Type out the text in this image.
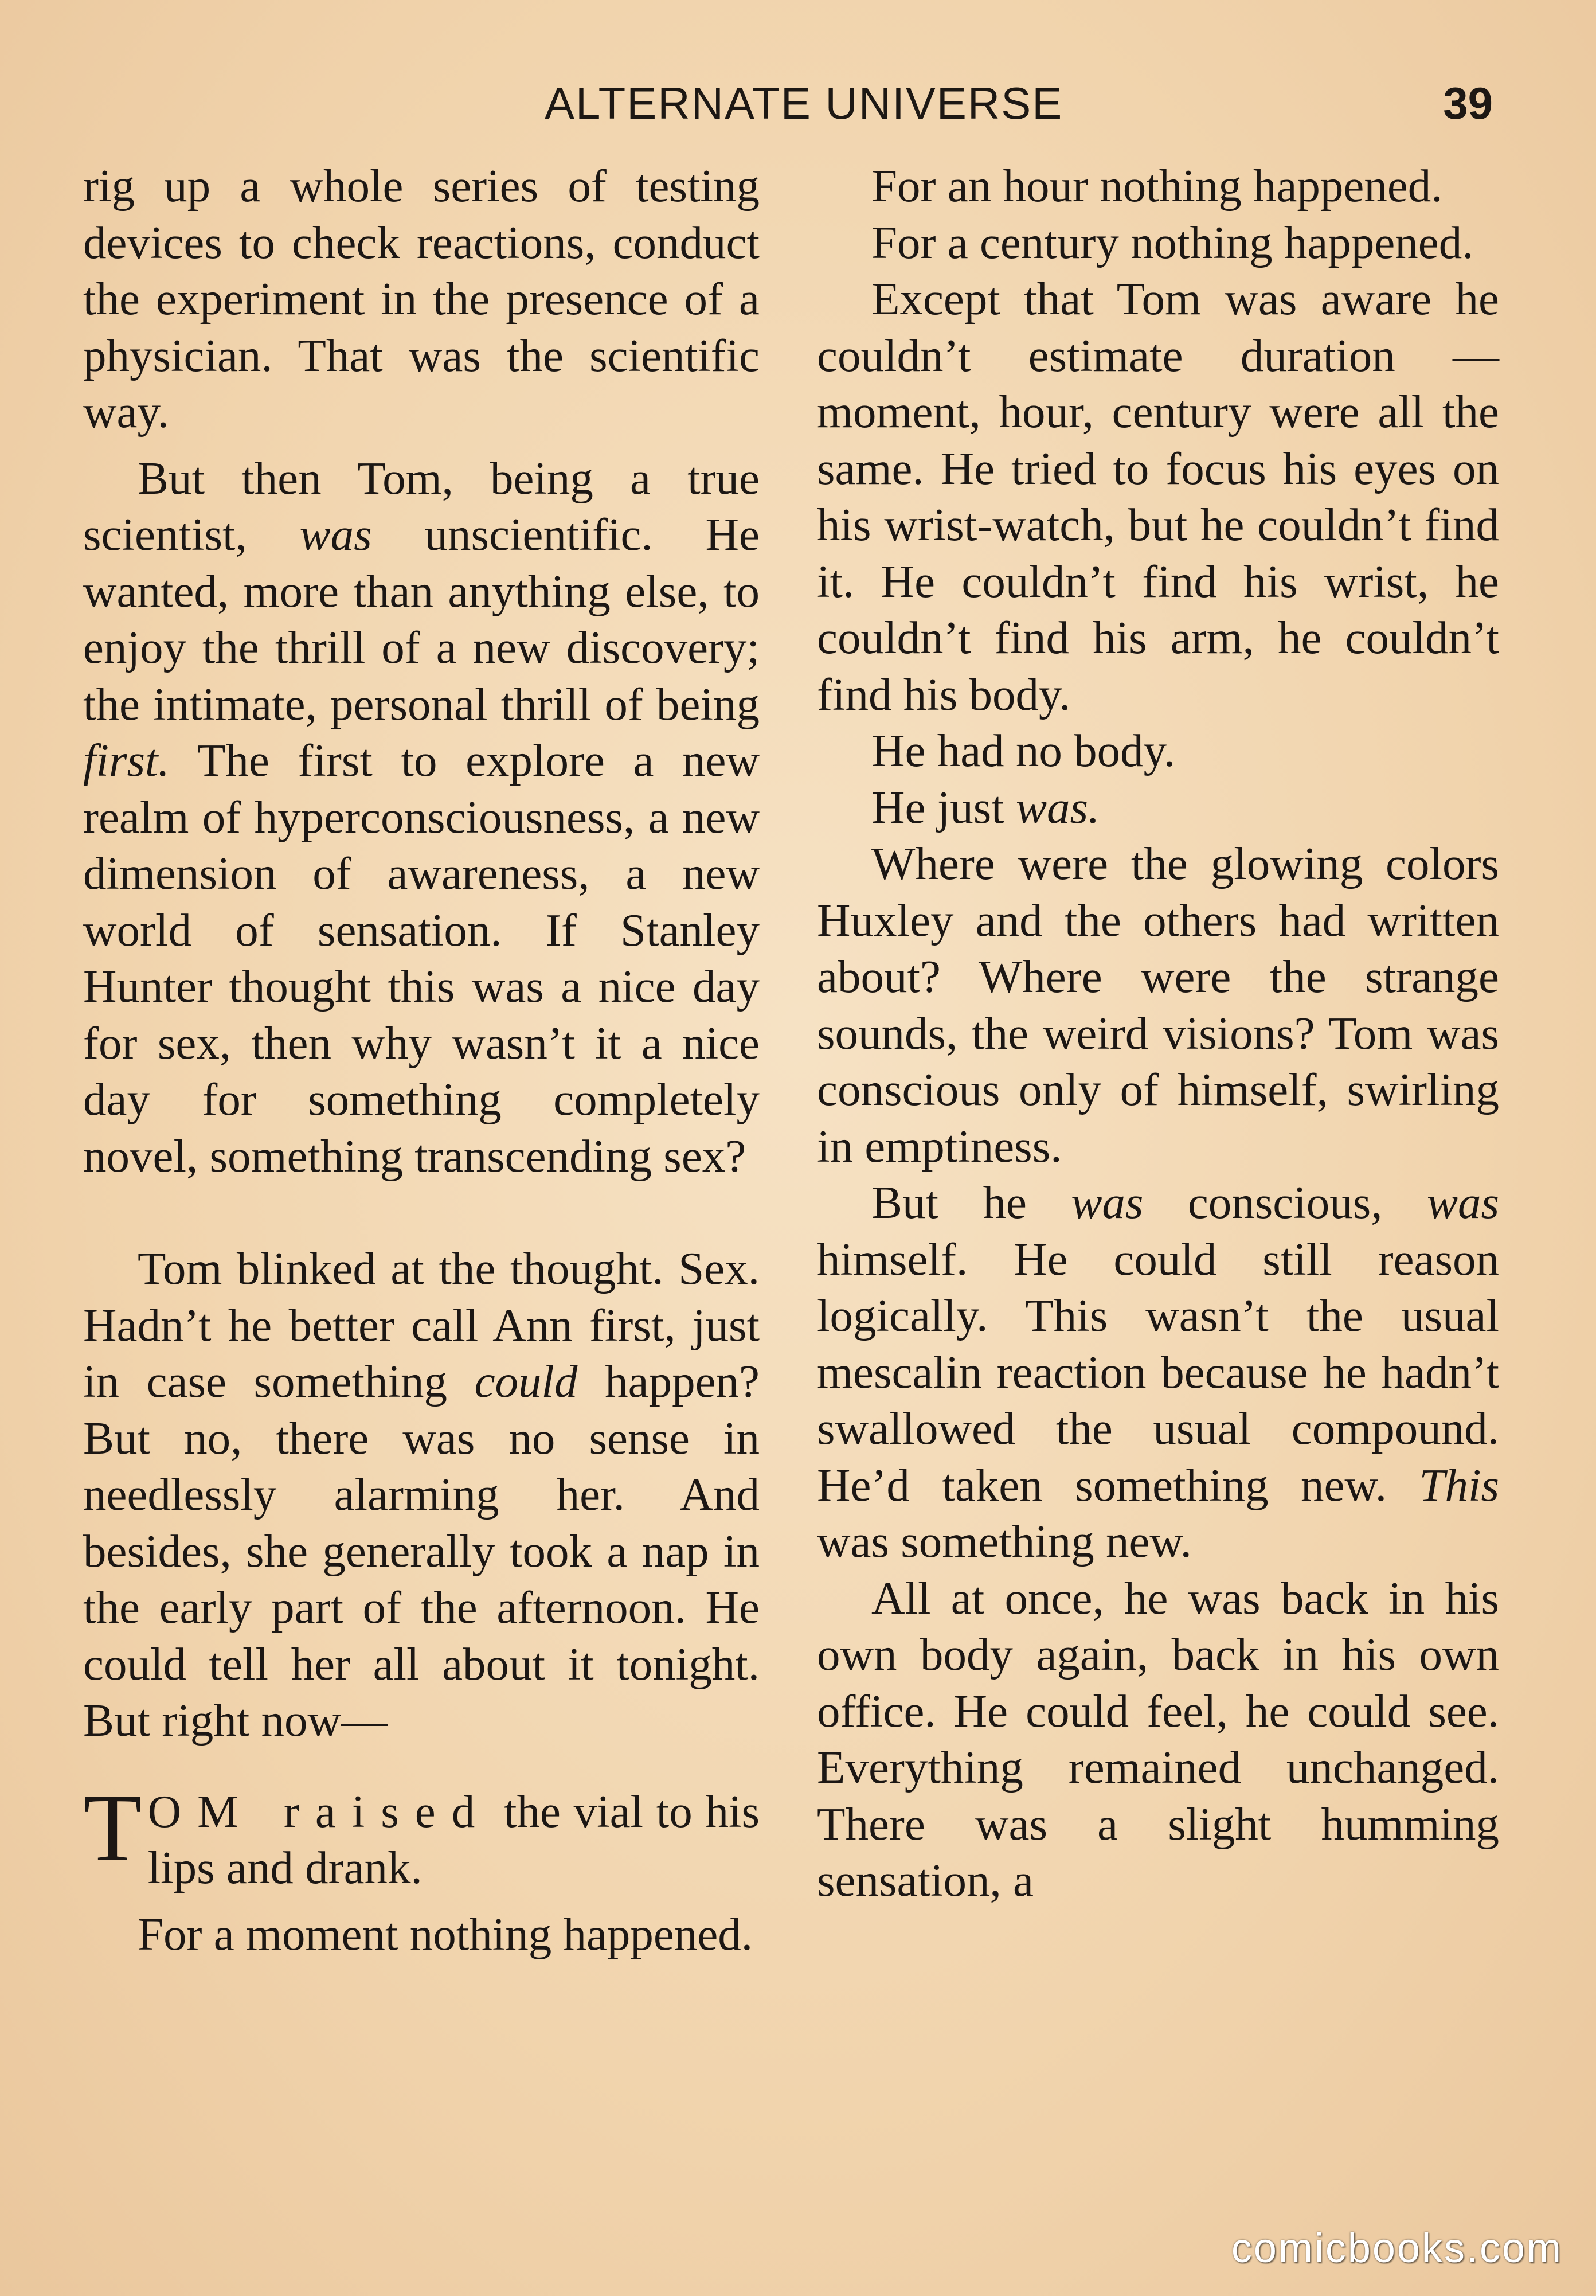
ALTERNATE UNIVERSE	39

rig up a whole series of testing devices to check reactions, conduct the experiment in the presence of a physician. That was the scientific way.

But then Tom, being a true scientist, was unscientific. He wanted, more than anything else, to enjoy the thrill of a new discovery; the intimate, personal thrill of being first. The first to explore a new realm of hyperconsciousness, a new dimension of awareness, a new world of sensation. If Stanley Hunter thought this was a nice day for sex, then why wasn’t it a nice day for something completely novel, something transcending sex?

Tom blinked at the thought. Sex. Hadn’t he better call Ann first, just in case something could happen? But no, there was no sense in needlessly alarming her. And besides, she generally took a nap in the early part of the afternoon. He could tell her all about it tonight. But right now—

TOM raised the vial to his lips and drank.

For a moment nothing happened.

For an hour nothing happened.

For a century nothing happened.

Except that Tom was aware he couldn’t estimate duration —moment, hour, century were all the same. He tried to focus his eyes on his wrist-watch, but he couldn’t find it. He couldn’t find his wrist, he couldn’t find his arm, he couldn’t find his body.

He had no body.

He just was.

Where were the glowing colors Huxley and the others had written about? Where were the strange sounds, the weird visions? Tom was conscious only of himself, swirling in emptiness.

But he was conscious, was himself. He could still reason logically. This wasn’t the usual mescalin reaction because he hadn’t swallowed the usual compound. He’d taken something new. This was something new.

All at once, he was back in his own body again, back in his own office. He could feel, he could see. Everything remained unchanged. There was a slight humming sensation, a

comicbooks.com
